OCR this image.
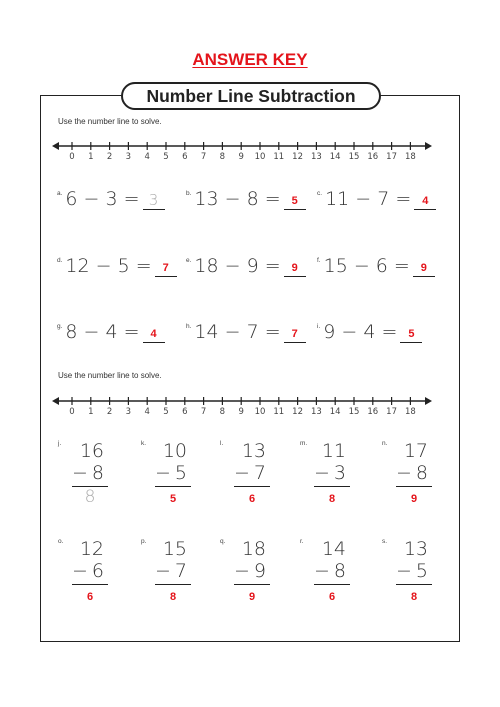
ANSWER KEY
Number Line Subtraction
Use the number line to solve.
0	1	2	3	4	5	6	7	8	9	10 11 12 13 14 15 16 17 18
$^{a.}$ 6 − 3 = 3	$^{b.}$ 13 − 8 = 5
$^{c.}$ 11 − 7 = 4
$^{d.}$ 12 − 5 = 7
$^{e.}$ 18 − 9 = 9
$^{f.}$ 15 − 6 = 9
$^{g.}$ 8 − 4 = 4
$^{h.}$ 14 − 7 = 7
$^{i.}$ 9 − 4 = 5
Use the number line to solve.
0	1	2	3	4	5	6	7	8	9	10 11 12 13 14 15 16 17 18
j. 16
− 8
8
k. 10
− 5
5
l. 13
− 7
6
m. 11
− 3
8
n. 17
− 8
9
o. 12
− 6
6
p. 15
− 7
8
q. 18
− 9
9
r. 14
− 8
6
s. 13
− 5
8
